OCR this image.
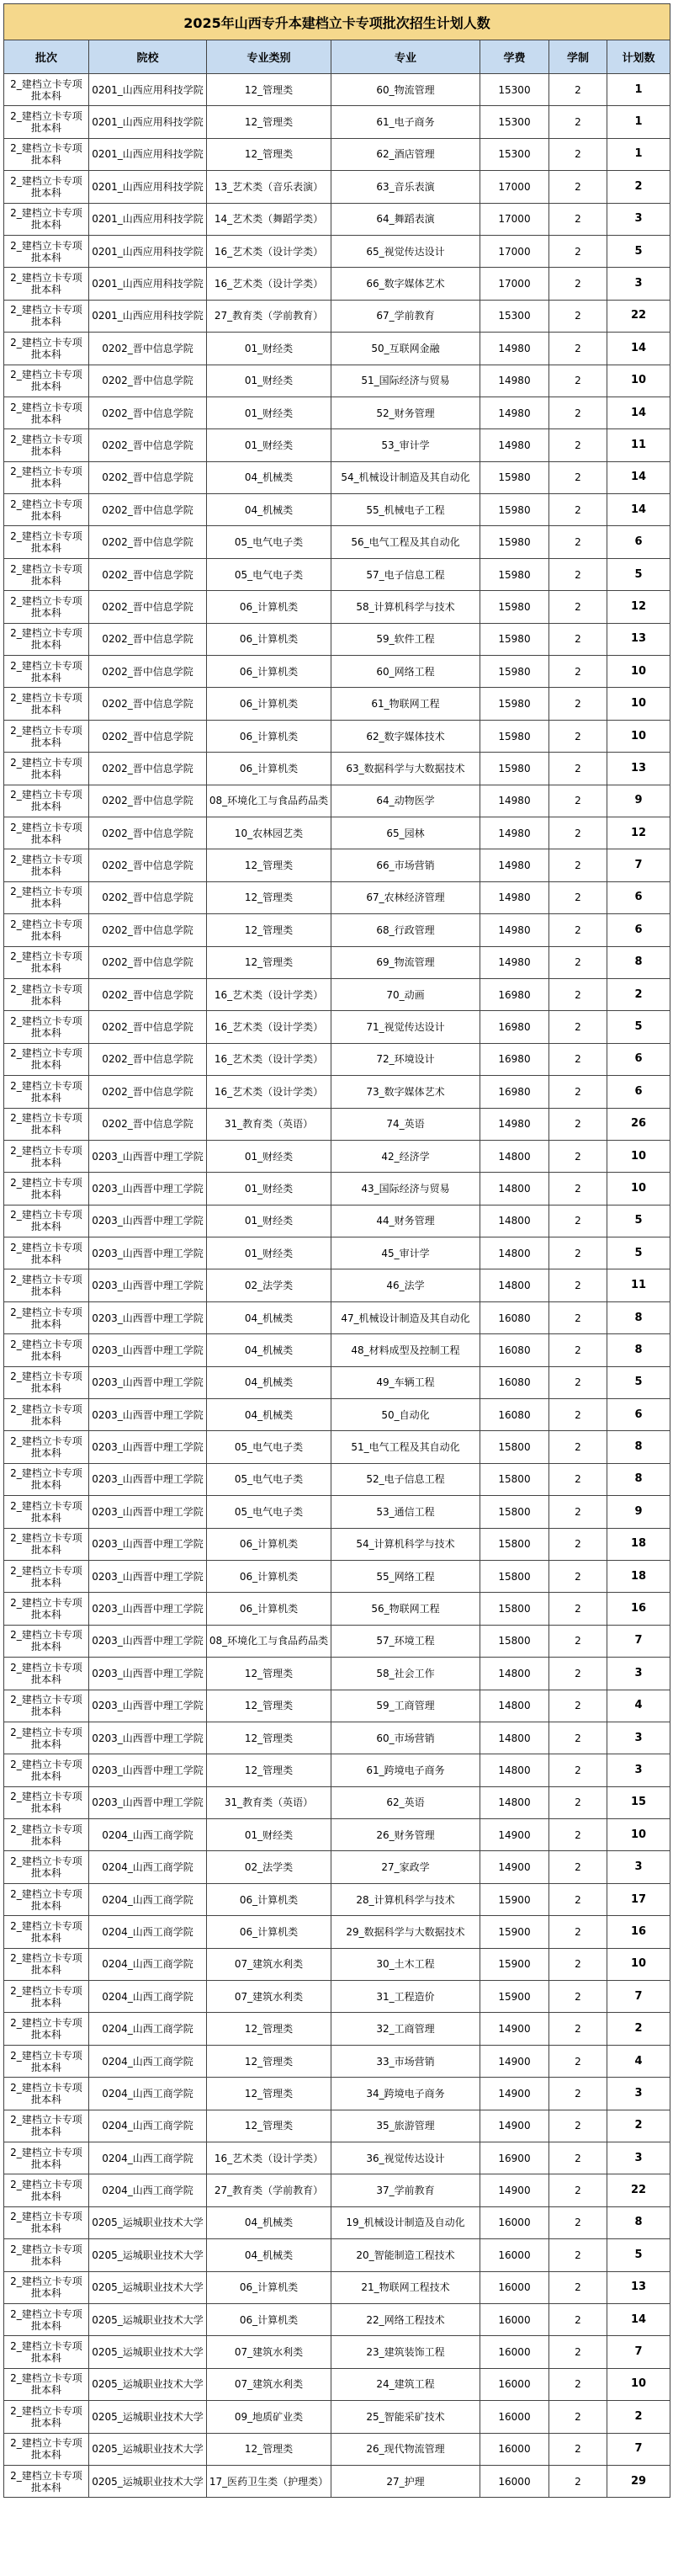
2025年山西专升本建档立卡专项批次招生计划人数						
批次	院校	专业类别	专业	学费	学制	计划数
2_建档立卡专项批本科	0201_山西应用科技学院	12_管理类	60_物流管理	15300	2	1
2_建档立卡专项批本科	0201_山西应用科技学院	12_管理类	61_电子商务	15300	2	1
2_建档立卡专项批本科	0201_山西应用科技学院	12_管理类	62_酒店管理	15300	2	1
2_建档立卡专项批本科	0201_山西应用科技学院	13_艺术类（音乐表演）	63_音乐表演	17000	2	2
2_建档立卡专项批本科	0201_山西应用科技学院	14_艺术类（舞蹈学类）	64_舞蹈表演	17000	2	3
2_建档立卡专项批本科	0201_山西应用科技学院	16_艺术类（设计学类）	65_视觉传达设计	17000	2	5
2_建档立卡专项批本科	0201_山西应用科技学院	16_艺术类（设计学类）	66_数字媒体艺术	17000	2	3
2_建档立卡专项批本科	0201_山西应用科技学院	27_教育类（学前教育）	67_学前教育	15300	2	22
2_建档立卡专项批本科	0202_晋中信息学院	01_财经类	50_互联网金融	14980	2	14
2_建档立卡专项批本科	0202_晋中信息学院	01_财经类	51_国际经济与贸易	14980	2	10
2_建档立卡专项批本科	0202_晋中信息学院	01_财经类	52_财务管理	14980	2	14
2_建档立卡专项批本科	0202_晋中信息学院	01_财经类	53_审计学	14980	2	11
2_建档立卡专项批本科	0202_晋中信息学院	04_机械类	54_机械设计制造及其自动化	15980	2	14
2_建档立卡专项批本科	0202_晋中信息学院	04_机械类	55_机械电子工程	15980	2	14
2_建档立卡专项批本科	0202_晋中信息学院	05_电气电子类	56_电气工程及其自动化	15980	2	6
2_建档立卡专项批本科	0202_晋中信息学院	05_电气电子类	57_电子信息工程	15980	2	5
2_建档立卡专项批本科	0202_晋中信息学院	06_计算机类	58_计算机科学与技术	15980	2	12
2_建档立卡专项批本科	0202_晋中信息学院	06_计算机类	59_软件工程	15980	2	13
2_建档立卡专项批本科	0202_晋中信息学院	06_计算机类	60_网络工程	15980	2	10
2_建档立卡专项批本科	0202_晋中信息学院	06_计算机类	61_物联网工程	15980	2	10
2_建档立卡专项批本科	0202_晋中信息学院	06_计算机类	62_数字媒体技术	15980	2	10
2_建档立卡专项批本科	0202_晋中信息学院	06_计算机类	63_数据科学与大数据技术	15980	2	13
2_建档立卡专项批本科	0202_晋中信息学院	08_环境化工与食品药品类	64_动物医学	14980	2	9
2_建档立卡专项批本科	0202_晋中信息学院	10_农林园艺类	65_园林	14980	2	12
2_建档立卡专项批本科	0202_晋中信息学院	12_管理类	66_市场营销	14980	2	7
2_建档立卡专项批本科	0202_晋中信息学院	12_管理类	67_农林经济管理	14980	2	6
2_建档立卡专项批本科	0202_晋中信息学院	12_管理类	68_行政管理	14980	2	6
2_建档立卡专项批本科	0202_晋中信息学院	12_管理类	69_物流管理	14980	2	8
2_建档立卡专项批本科	0202_晋中信息学院	16_艺术类（设计学类）	70_动画	16980	2	2
2_建档立卡专项批本科	0202_晋中信息学院	16_艺术类（设计学类）	71_视觉传达设计	16980	2	5
2_建档立卡专项批本科	0202_晋中信息学院	16_艺术类（设计学类）	72_环境设计	16980	2	6
2_建档立卡专项批本科	0202_晋中信息学院	16_艺术类（设计学类）	73_数字媒体艺术	16980	2	6
2_建档立卡专项批本科	0202_晋中信息学院	31_教育类（英语）	74_英语	14980	2	26
2_建档立卡专项批本科	0203_山西晋中理工学院	01_财经类	42_经济学	14800	2	10
2_建档立卡专项批本科	0203_山西晋中理工学院	01_财经类	43_国际经济与贸易	14800	2	10
2_建档立卡专项批本科	0203_山西晋中理工学院	01_财经类	44_财务管理	14800	2	5
2_建档立卡专项批本科	0203_山西晋中理工学院	01_财经类	45_审计学	14800	2	5
2_建档立卡专项批本科	0203_山西晋中理工学院	02_法学类	46_法学	14800	2	11
2_建档立卡专项批本科	0203_山西晋中理工学院	04_机械类	47_机械设计制造及其自动化	16080	2	8
2_建档立卡专项批本科	0203_山西晋中理工学院	04_机械类	48_材料成型及控制工程	16080	2	8
2_建档立卡专项批本科	0203_山西晋中理工学院	04_机械类	49_车辆工程	16080	2	5
2_建档立卡专项批本科	0203_山西晋中理工学院	04_机械类	50_自动化	16080	2	6
2_建档立卡专项批本科	0203_山西晋中理工学院	05_电气电子类	51_电气工程及其自动化	15800	2	8
2_建档立卡专项批本科	0203_山西晋中理工学院	05_电气电子类	52_电子信息工程	15800	2	8
2_建档立卡专项批本科	0203_山西晋中理工学院	05_电气电子类	53_通信工程	15800	2	9
2_建档立卡专项批本科	0203_山西晋中理工学院	06_计算机类	54_计算机科学与技术	15800	2	18
2_建档立卡专项批本科	0203_山西晋中理工学院	06_计算机类	55_网络工程	15800	2	18
2_建档立卡专项批本科	0203_山西晋中理工学院	06_计算机类	56_物联网工程	15800	2	16
2_建档立卡专项批本科	0203_山西晋中理工学院	08_环境化工与食品药品类	57_环境工程	15800	2	7
2_建档立卡专项批本科	0203_山西晋中理工学院	12_管理类	58_社会工作	14800	2	3
2_建档立卡专项批本科	0203_山西晋中理工学院	12_管理类	59_工商管理	14800	2	4
2_建档立卡专项批本科	0203_山西晋中理工学院	12_管理类	60_市场营销	14800	2	3
2_建档立卡专项批本科	0203_山西晋中理工学院	12_管理类	61_跨境电子商务	14800	2	3
2_建档立卡专项批本科	0203_山西晋中理工学院	31_教育类（英语）	62_英语	14800	2	15
2_建档立卡专项批本科	0204_山西工商学院	01_财经类	26_财务管理	14900	2	10
2_建档立卡专项批本科	0204_山西工商学院	02_法学类	27_家政学	14900	2	3
2_建档立卡专项批本科	0204_山西工商学院	06_计算机类	28_计算机科学与技术	15900	2	17
2_建档立卡专项批本科	0204_山西工商学院	06_计算机类	29_数据科学与大数据技术	15900	2	16
2_建档立卡专项批本科	0204_山西工商学院	07_建筑水利类	30_土木工程	15900	2	10
2_建档立卡专项批本科	0204_山西工商学院	07_建筑水利类	31_工程造价	15900	2	7
2_建档立卡专项批本科	0204_山西工商学院	12_管理类	32_工商管理	14900	2	2
2_建档立卡专项批本科	0204_山西工商学院	12_管理类	33_市场营销	14900	2	4
2_建档立卡专项批本科	0204_山西工商学院	12_管理类	34_跨境电子商务	14900	2	3
2_建档立卡专项批本科	0204_山西工商学院	12_管理类	35_旅游管理	14900	2	2
2_建档立卡专项批本科	0204_山西工商学院	16_艺术类（设计学类）	36_视觉传达设计	16900	2	3
2_建档立卡专项批本科	0204_山西工商学院	27_教育类（学前教育）	37_学前教育	14900	2	22
2_建档立卡专项批本科	0205_运城职业技术大学	04_机械类	19_机械设计制造及自动化	16000	2	8
2_建档立卡专项批本科	0205_运城职业技术大学	04_机械类	20_智能制造工程技术	16000	2	5
2_建档立卡专项批本科	0205_运城职业技术大学	06_计算机类	21_物联网工程技术	16000	2	13
2_建档立卡专项批本科	0205_运城职业技术大学	06_计算机类	22_网络工程技术	16000	2	14
2_建档立卡专项批本科	0205_运城职业技术大学	07_建筑水利类	23_建筑装饰工程	16000	2	7
2_建档立卡专项批本科	0205_运城职业技术大学	07_建筑水利类	24_建筑工程	16000	2	10
2_建档立卡专项批本科	0205_运城职业技术大学	09_地质矿业类	25_智能采矿技术	16000	2	2
2_建档立卡专项批本科	0205_运城职业技术大学	12_管理类	26_现代物流管理	16000	2	7
2_建档立卡专项批本科	0205_运城职业技术大学	17_医药卫生类（护理类）	27_护理	16000	2	29
